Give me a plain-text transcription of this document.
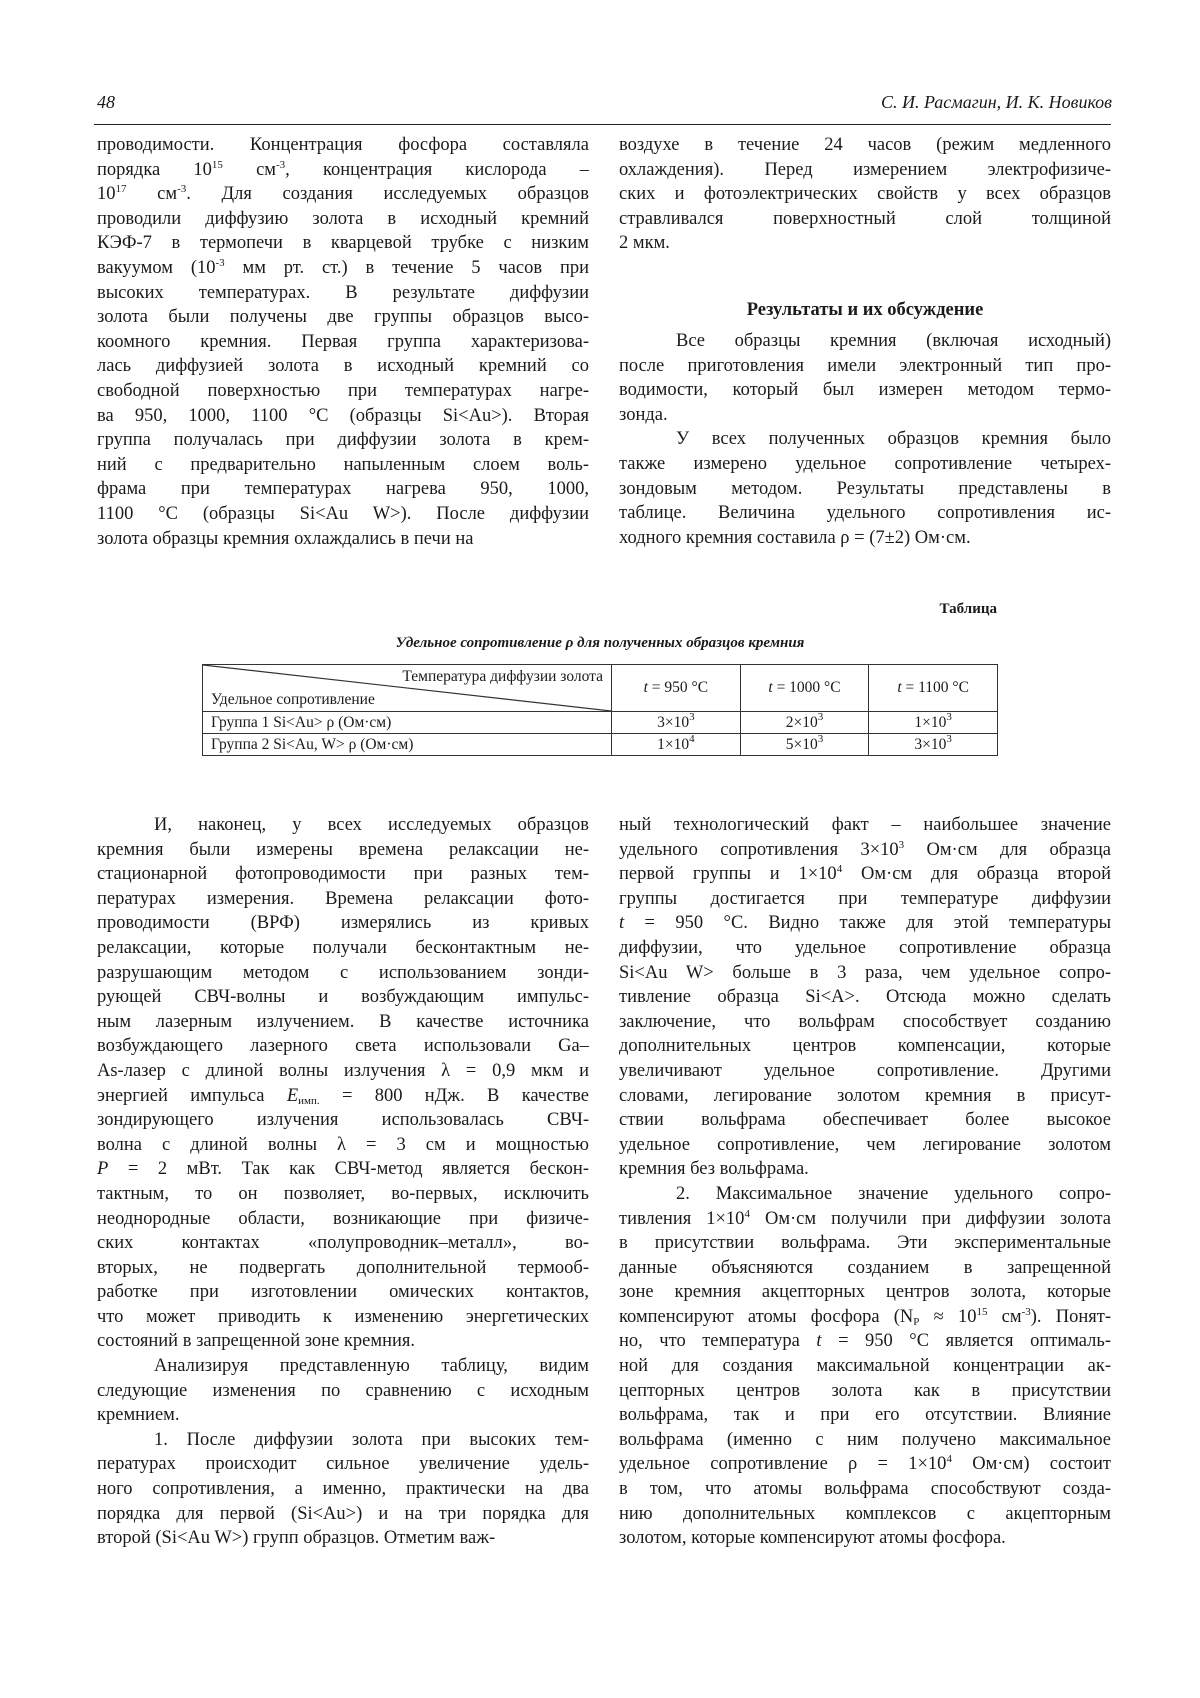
48	С. И. Расмагин, И. К. Новиков
проводимости. Концентрация фосфора составляла
порядка $10^{15}$ $см^{-3}$, концентрация кислорода –
$10^{17}$ $см^{-3}$. Для создания исследуемых образцов
проводили диффузию золота в исходный кремний
КЭФ-7 в термопечи в кварцевой трубке с низким
вакуумом ($10^{-3}$ мм рт. ст.) в течение 5 часов при
высоких температурах. В результате диффузии
золота были получены две группы образцов высо-
коомного кремния. Первая группа характеризова-
лась диффузией золота в исходный кремний со
свободной поверхностью при температурах нагре-
ва 950, 1000, 1100 °C (образцы Si<Au>). Вторая
группа получалась при диффузии золота в крем-
ний с предварительно напыленным слоем воль-
фрама при температурах нагрева 950, 1000,
1100 °C (образцы Si<Au W>). После диффузии
золота образцы кремния охлаждались в печи на
воздухе в течение 24 часов (режим медленного
охлаждения). Перед измерением электрофизиче-
ских и фотоэлектрических свойств у всех образцов
стравливался поверхностный слой толщиной
2 мкм.
Результаты и их обсуждение
Все образцы кремния (включая исходный)
после приготовления имели электронный тип про-
водимости, который был измерен методом термо-
зонда.
У всех полученных образцов кремния было
также измерено удельное сопротивление четырех-
зондовым методом. Результаты представлены в
таблице. Величина удельного сопротивления ис-
ходного кремния составила ρ = (7±2) Ом·см.
Таблица
Удельное сопротивление ρ для полученных образцов кремния
Температура диффузии золота
Удельное сопротивление	t = 950 °C	t = 1000 °C	t = 1100 °C
Группа 1 Si<Au> ρ (Ом·см)	$3\times 10^3$	$2\times 10^3$	$1\times 10^3$
Группа 2 Si<Au, W> ρ (Ом·см)	$1\times 10^4$	$5\times 10^3$	$3\times 10^3$
И, наконец, у всех исследуемых образцов
кремния были измерены времена релаксации не-
стационарной фотопроводимости при разных тем-
пературах измерения. Времена релаксации фото-
проводимости (ВРФ) измерялись из кривых
релаксации, которые получали бесконтактным не-
разрушающим методом с использованием зонди-
рующей СВЧ-волны и возбуждающим импульс-
ным лазерным излучением. В качестве источника
возбуждающего лазерного света использовали Ga–
As-лазер с длиной волны излучения λ = 0,9 мкм и
энергией импульса $E_{имп.} = 800$ нДж. В качестве
зондирующего излучения использовалась СВЧ-
волна с длиной волны λ = 3 см и мощностью
P = 2 мВт. Так как СВЧ-метод является бескон-
тактным, то он позволяет, во-первых, исключить
неоднородные области, возникающие при физиче-
ских контактах «полупроводник–металл», во-
вторых, не подвергать дополнительной термооб-
работке при изготовлении омических контактов,
что может приводить к изменению энергетических
состояний в запрещенной зоне кремния.
Анализируя представленную таблицу, видим
следующие изменения по сравнению с исходным
кремнием.
1. После диффузии золота при высоких тем-
пературах происходит сильное увеличение удель-
ного сопротивления, а именно, практически на два
порядка для первой (Si<Au>) и на три порядка для
второй (Si<Au W>) групп образцов. Отметим важ-
ный технологический факт – наибольшее значение
удельного сопротивления $3\times 10^3$ Ом·см для образца
первой группы и $1\times 10^4$ Ом·см для образца второй
группы достигается при температуре диффузии
t = 950 °C. Видно также для этой температуры
диффузии, что удельное сопротивление образца
Si<Au W> больше в 3 раза, чем удельное сопро-
тивление образца Si<A>. Отсюда можно сделать
заключение, что вольфрам способствует созданию
дополнительных центров компенсации, которые
увеличивают удельное сопротивление. Другими
словами, легирование золотом кремния в присут-
ствии вольфрама обеспечивает более высокое
удельное сопротивление, чем легирование золотом
кремния без вольфрама.
2. Максимальное значение удельного сопро-
тивления $1\times 10^4$ Ом·см получили при диффузии золота
в присутствии вольфрама. Эти экспериментальные
данные объясняются созданием в запрещенной
зоне кремния акцепторных центров золота, которые
компенсируют атомы фосфора ($N_P \approx 10^{15}$ $см^{-3}$). Понят-
но, что температура t = 950 °C является оптималь-
ной для создания максимальной концентрации ак-
цепторных центров золота как в присутствии
вольфрама, так и при его отсутствии. Влияние
вольфрама (именно с ним получено максимальное
удельное сопротивление $\rho = 1\times 10^4$ Ом·см) состоит
в том, что атомы вольфрама способствуют созда-
нию дополнительных комплексов с акцепторным
золотом, которые компенсируют атомы фосфора.
